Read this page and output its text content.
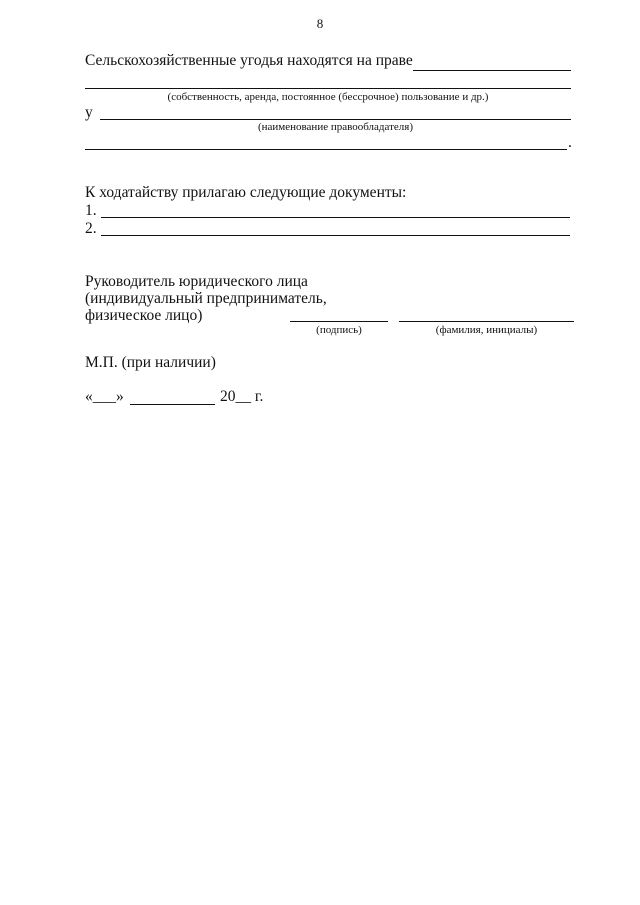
8
Сельскохозяйственные угодья находятся на праве
(собственность, аренда, постоянное (бессрочное) пользование и др.)
у
(наименование правообладателя)
.
К ходатайству прилагаю следующие документы:
1.
2.
Руководитель юридического лица
(индивидуальный предприниматель,
физическое лицо)
(подпись)	(фамилия, инициалы)
М.П. (при наличии)
«___»	20__ г.
